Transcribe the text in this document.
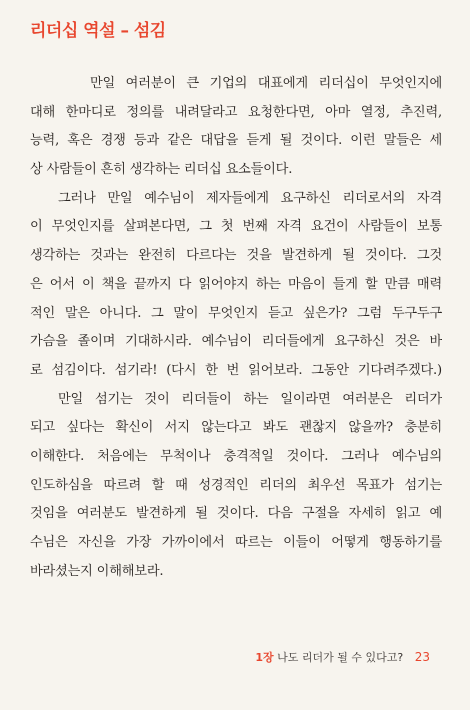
리더십 역설 – 섬김
만일 여러분이 큰 기업의 대표에게 리더십이 무엇인지에
대해 한마디로 정의를 내려달라고 요청한다면, 아마 열정, 추진력,
능력, 혹은 경쟁 등과 같은 대답을 듣게 될 것이다. 이런 말들은 세
상 사람들이 흔히 생각하는 리더십 요소들이다.
그러나 만일 예수님이 제자들에게 요구하신 리더로서의 자격
이 무엇인지를 살펴본다면, 그 첫 번째 자격 요건이 사람들이 보통
생각하는 것과는 완전히 다르다는 것을 발견하게 될 것이다. 그것
은 어서 이 책을 끝까지 다 읽어야지 하는 마음이 들게 할 만큼 매력
적인 말은 아니다. 그 말이 무엇인지 듣고 싶은가? 그럼 두구두구
가슴을 졸이며 기대하시라. 예수님이 리더들에게 요구하신 것은 바
로 섬김이다. 섬기라! (다시 한 번 읽어보라. 그동안 기다려주겠다.)
만일 섬기는 것이 리더들이 하는 일이라면 여러분은 리더가
되고 싶다는 확신이 서지 않는다고 봐도 괜찮지 않을까? 충분히
이해한다. 처음에는 무척이나 충격적일 것이다. 그러나 예수님의
인도하심을 따르려 할 때 성경적인 리더의 최우선 목표가 섬기는
것임을 여러분도 발견하게 될 것이다. 다음 구절을 자세히 읽고 예
수님은 자신을 가장 가까이에서 따르는 이들이 어떻게 행동하기를
바라셨는지 이해해보라.
1장 나도 리더가 될 수 있다고? 23
